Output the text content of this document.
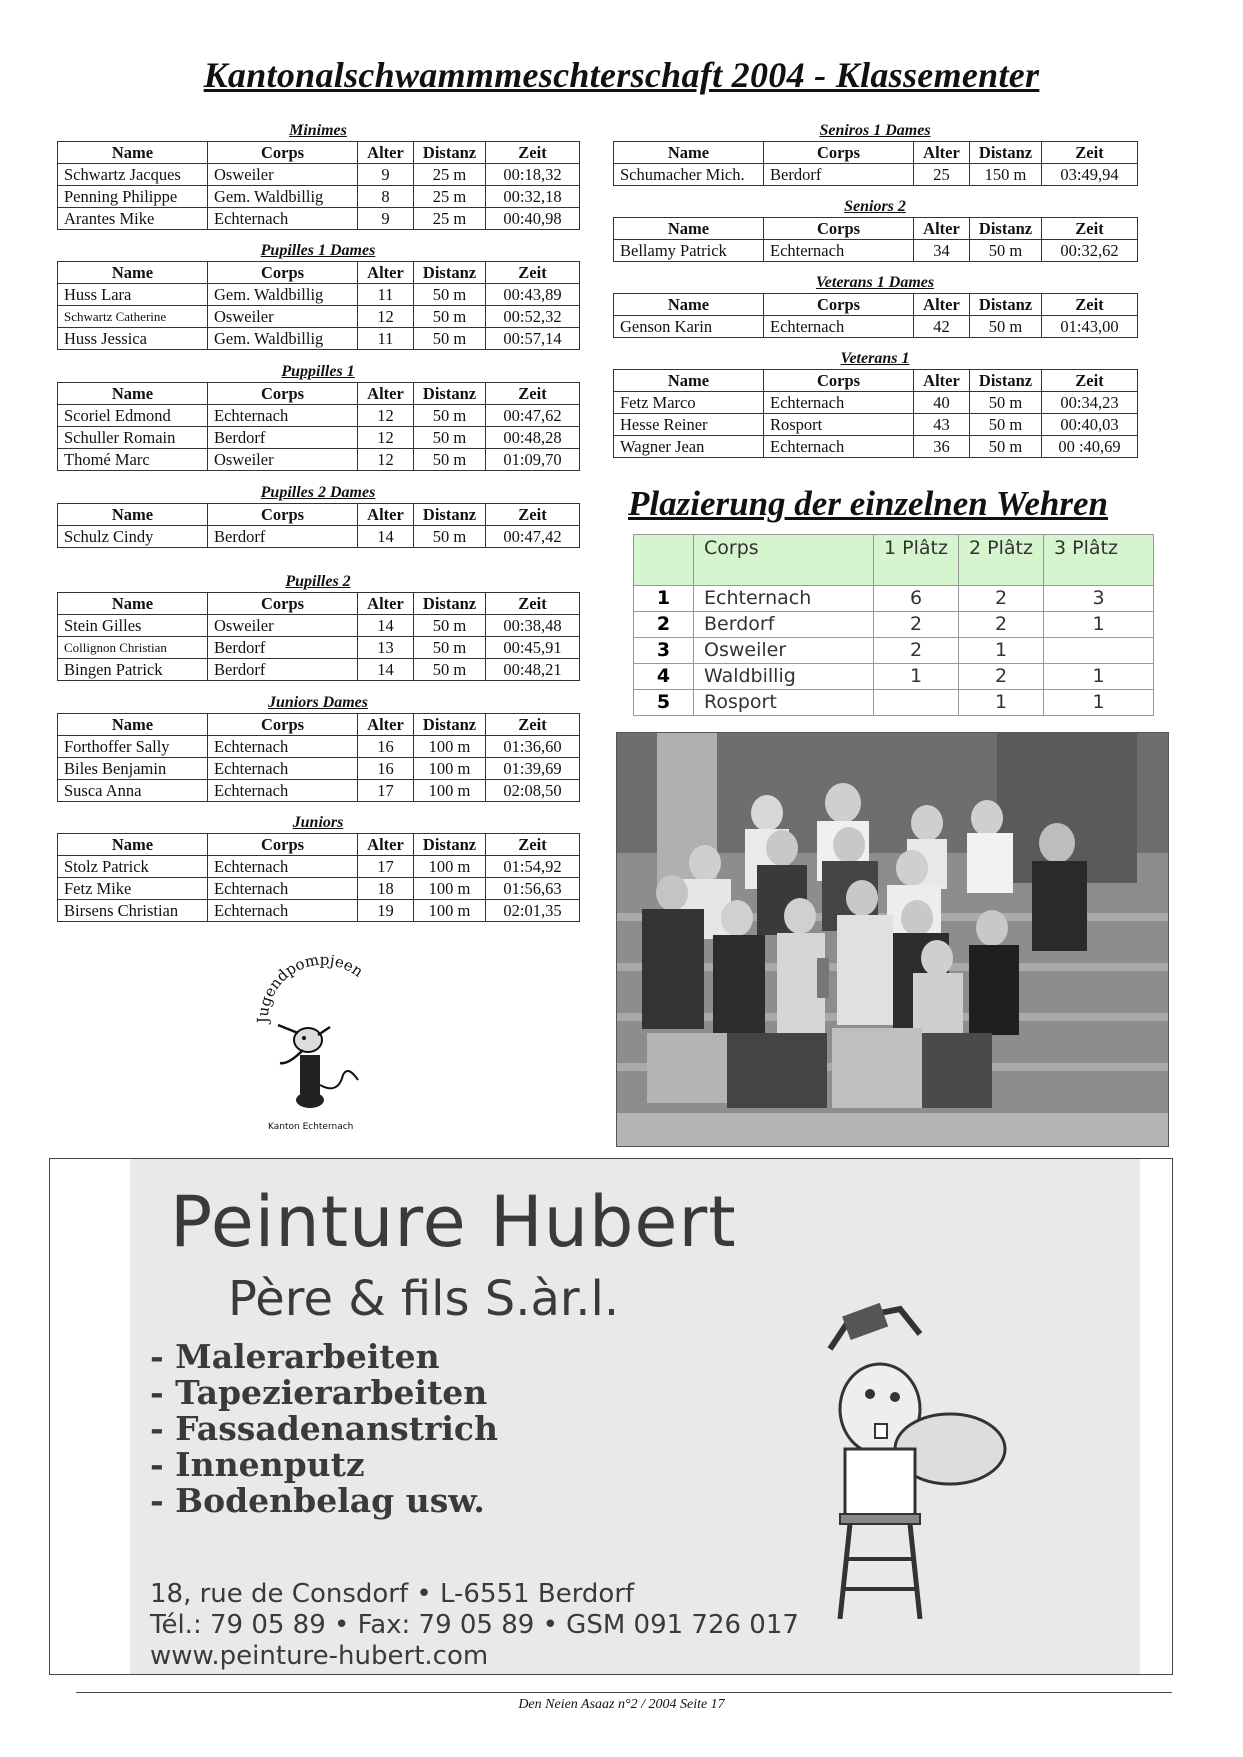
Kantonalschwammmeschterschaft 2004 - Klassementer
Minimes
Name	Corps	Alter	Distanz	Zeit
Schwartz Jacques	Osweiler	9	25 m	00:18,32
Penning Philippe	Gem. Waldbillig	8	25 m	00:32,18
Arantes Mike	Echternach	9	25 m	00:40,98
Pupilles 1 Dames
Name	Corps	Alter	Distanz	Zeit
Huss Lara	Gem. Waldbillig	11	50 m	00:43,89
Schwartz Catherine	Osweiler	12	50 m	00:52,32
Huss Jessica	Gem. Waldbillig	11	50 m	00:57,14
Puppilles 1
Name	Corps	Alter	Distanz	Zeit
Scoriel Edmond	Echternach	12	50 m	00:47,62
Schuller Romain	Berdorf	12	50 m	00:48,28
Thomé Marc	Osweiler	12	50 m	01:09,70
Pupilles 2 Dames
Name	Corps	Alter	Distanz	Zeit
Schulz Cindy	Berdorf	14	50 m	00:47,42
Pupilles 2
Name	Corps	Alter	Distanz	Zeit
Stein Gilles	Osweiler	14	50 m	00:38,48
Collignon Christian	Berdorf	13	50 m	00:45,91
Bingen Patrick	Berdorf	14	50 m	00:48,21
Juniors Dames
Name	Corps	Alter	Distanz	Zeit
Forthoffer Sally	Echternach	16	100 m	01:36,60
Biles Benjamin	Echternach	16	100 m	01:39,69
Susca Anna	Echternach	17	100 m	02:08,50
Juniors
Name	Corps	Alter	Distanz	Zeit
Stolz Patrick	Echternach	17	100 m	01:54,92
Fetz Mike	Echternach	18	100 m	01:56,63
Birsens Christian	Echternach	19	100 m	02:01,35
Seniros 1 Dames
Name	Corps	Alter	Distanz	Zeit
Schumacher Mich.	Berdorf	25	150 m	03:49,94
Seniors 2
Name	Corps	Alter	Distanz	Zeit
Bellamy Patrick	Echternach	34	50 m	00:32,62
Veterans 1 Dames
Name	Corps	Alter	Distanz	Zeit
Genson Karin	Echternach	42	50 m	01:43,00
Veterans 1
Name	Corps	Alter	Distanz	Zeit
Fetz Marco	Echternach	40	50 m	00:34,23
Hesse Reiner	Rosport	43	50 m	00:40,03
Wagner Jean	Echternach	36	50 m	00 :40,69
Plazierung der einzelnen Wehren
	Corps	1 Plâtz	2 Plâtz	3 Plâtz
1	Echternach	6	2	3
2	Berdorf	2	2	1
3	Osweiler	2	1	
4	Waldbillig	1	2	1
5	Rosport		1	1
Jugendpompjeen
Kanton Echternach
Peinture Hubert
Père & fils S.àr.l.
- Malerarbeiten
- Tapezierarbeiten
- Fassadenanstrich
- Innenputz
- Bodenbelag usw.
18, rue de Consdorf • L-6551 Berdorf
Tél.: 79 05 89 • Fax: 79 05 89 • GSM 091 726 017
www.peinture-hubert.com
Den Neien Asaaz n°2 / 2004 Seite 17
